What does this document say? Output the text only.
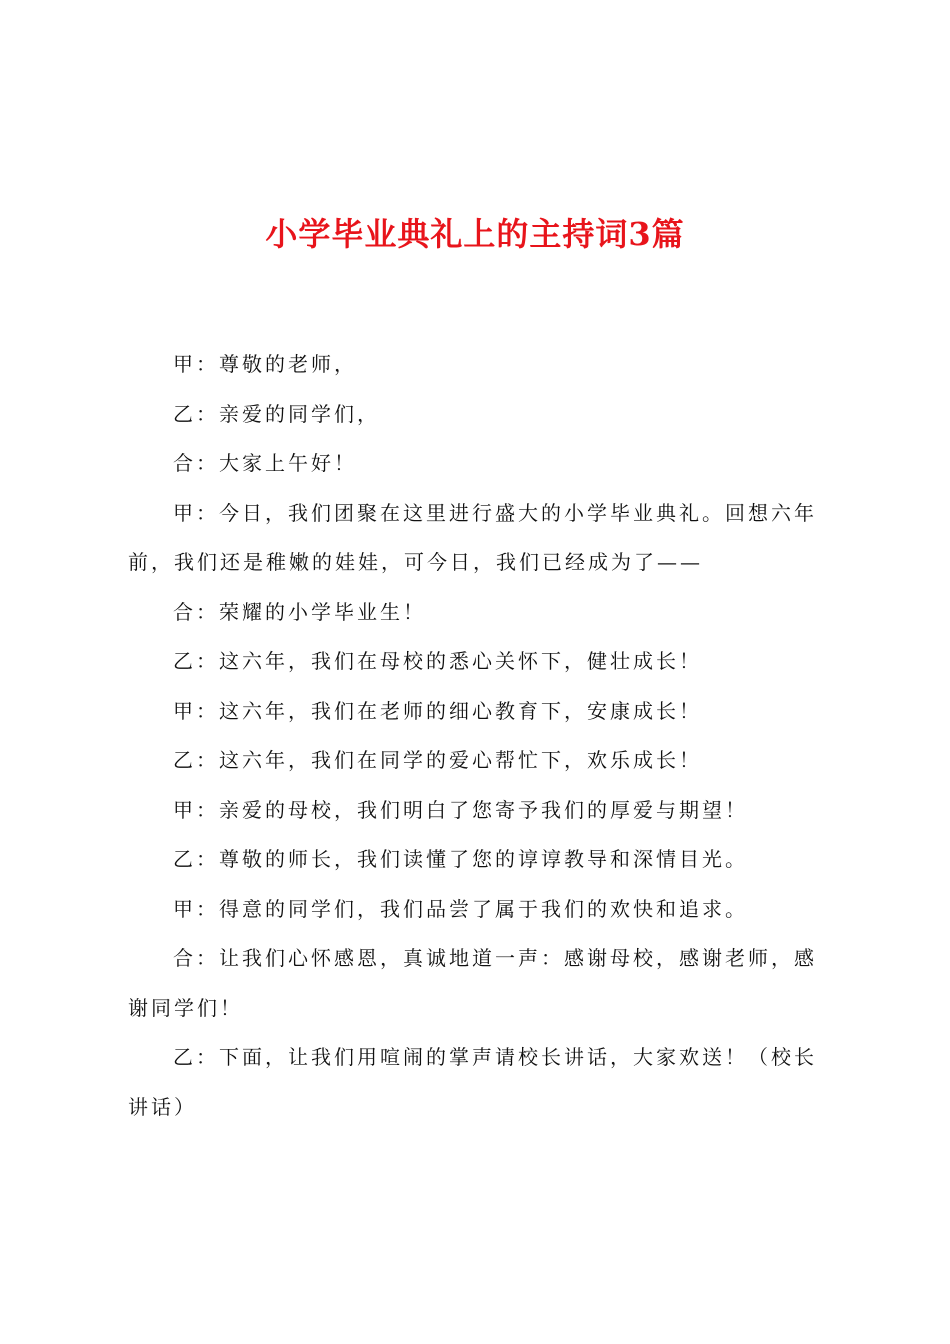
小学毕业典礼上的主持词3篇

甲：尊敬的老师，

乙：亲爱的同学们，

合：大家上午好！

甲：今日，我们团聚在这里进行盛大的小学毕业典礼。回想六年前，我们还是稚嫩的娃娃，可今日，我们已经成为了——

合：荣耀的小学毕业生！

乙：这六年，我们在母校的悉心关怀下，健壮成长！

甲：这六年，我们在老师的细心教育下，安康成长！

乙：这六年，我们在同学的爱心帮忙下，欢乐成长！

甲：亲爱的母校，我们明白了您寄予我们的厚爱与期望！

乙：尊敬的师长，我们读懂了您的谆谆教导和深情目光。

甲：得意的同学们，我们品尝了属于我们的欢快和追求。

合：让我们心怀感恩，真诚地道一声：感谢母校，感谢老师，感谢同学们！

乙：下面，让我们用喧闹的掌声请校长讲话，大家欢送！（校长讲话）
